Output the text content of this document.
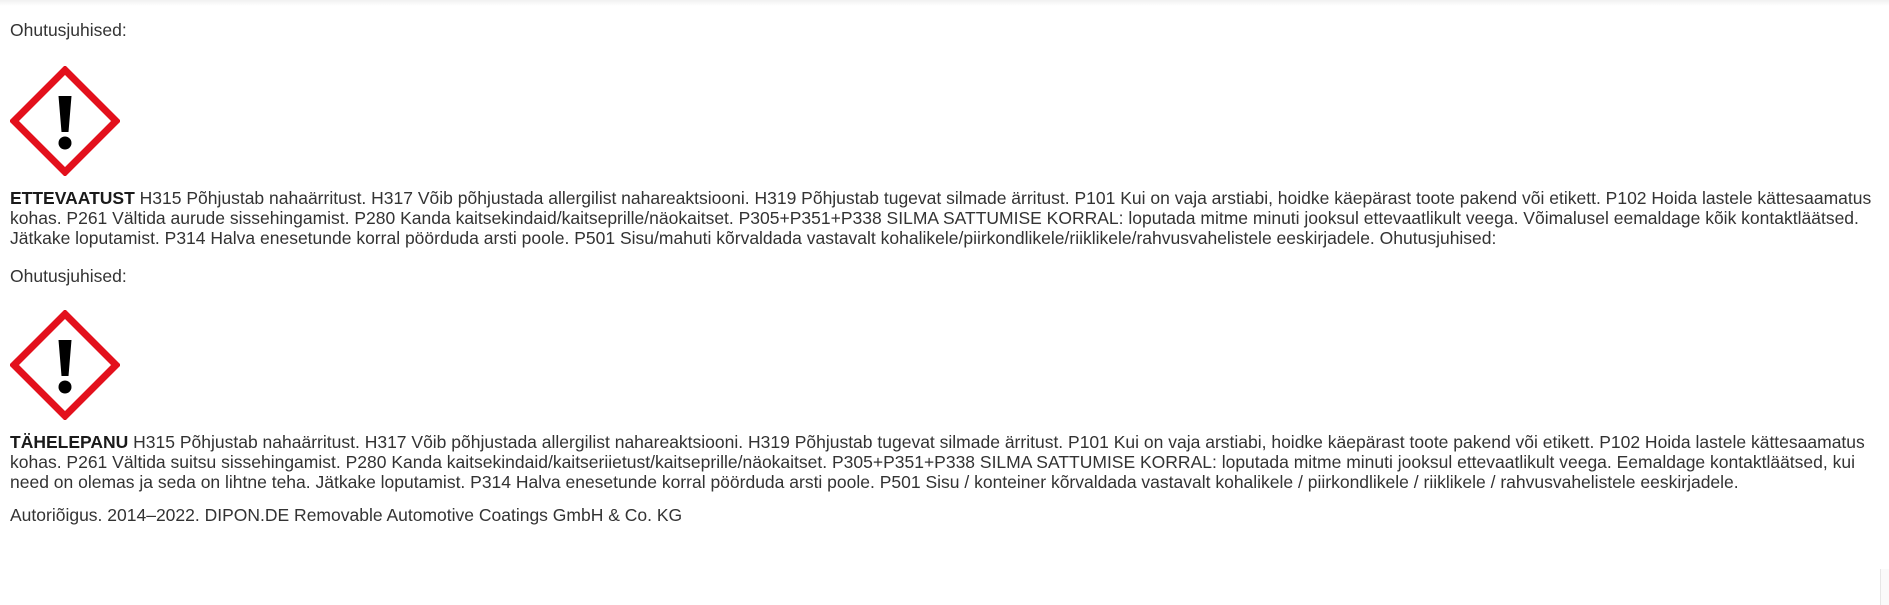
Ohutusjuhised:

ETTEVAATUST H315 Põhjustab nahaärritust. H317 Võib põhjustada allergilist nahareaktsiooni. H319 Põhjustab tugevat silmade ärritust. P101 Kui on vaja arstiabi, hoidke käepärast toote pakend või etikett. P102 Hoida lastele kättesaamatus kohas. P261 Vältida aurude sissehingamist. P280 Kanda kaitsekindaid/kaitseprille/näokaitset. P305+P351+P338 SILMA SATTUMISE KORRAL: loputada mitme minuti jooksul ettevaatlikult veega. Võimalusel eemaldage kõik kontaktläätsed. Jätkake loputamist. P314 Halva enesetunde korral pöörduda arsti poole. P501 Sisu/mahuti kõrvaldada vastavalt kohalikele/piirkondlikele/riiklikele/rahvusvahelistele eeskirjadele. Ohutusjuhised:

Ohutusjuhised:

TÄHELEPANU H315 Põhjustab nahaärritust. H317 Võib põhjustada allergilist nahareaktsiooni. H319 Põhjustab tugevat silmade ärritust. P101 Kui on vaja arstiabi, hoidke käepärast toote pakend või etikett. P102 Hoida lastele kättesaamatus kohas. P261 Vältida suitsu sissehingamist. P280 Kanda kaitsekindaid/kaitseriietust/kaitseprille/näokaitset. P305+P351+P338 SILMA SATTUMISE KORRAL: loputada mitme minuti jooksul ettevaatlikult veega. Eemaldage kontaktläätsed, kui need on olemas ja seda on lihtne teha. Jätkake loputamist. P314 Halva enesetunde korral pöörduda arsti poole. P501 Sisu / konteiner kõrvaldada vastavalt kohalikele / piirkondlikele / riiklikele / rahvusvahelistele eeskirjadele.

Autoriõigus. 2014–2022. DIPON.DE Removable Automotive Coatings GmbH & Co. KG
